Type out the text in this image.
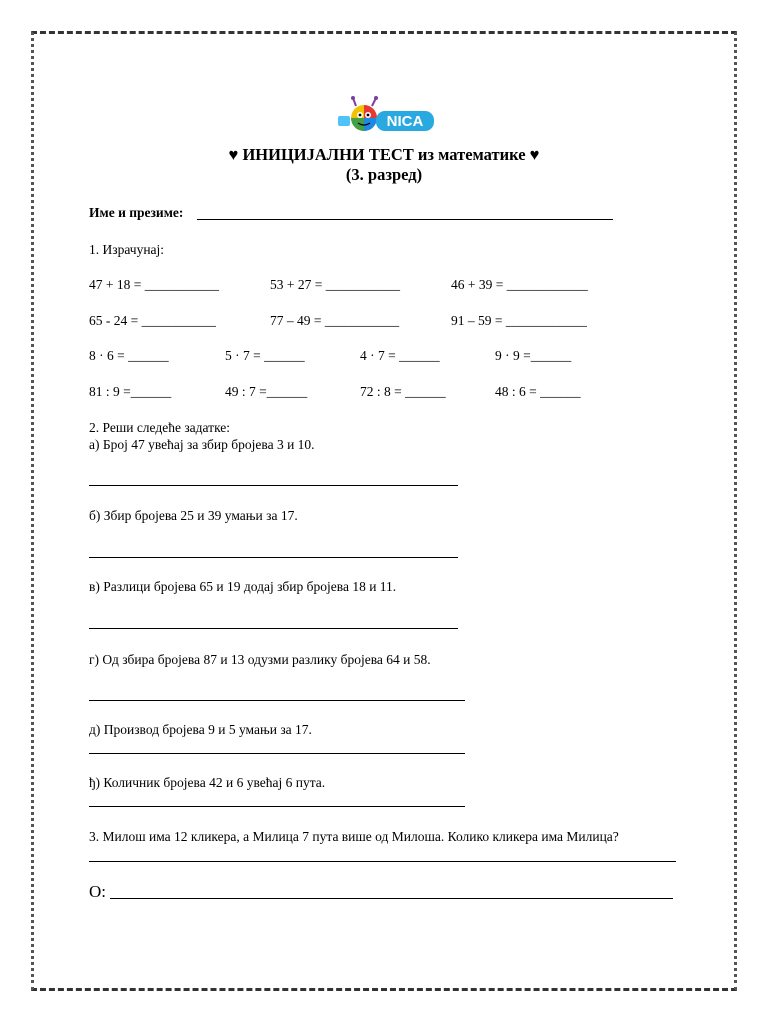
NICA
♥ ИНИЦИЈАЛНИ ТЕСТ из математике ♥
(3. разред)
Име и презиме:
1. Израчунај:
47 + 18 = ___________	53 + 27 = ___________	46 + 39 = ____________
65 - 24 = ___________	77 – 49 = ___________	91 – 59 = ____________
8 · 6 = ______	5 · 7 = ______	4 · 7 = ______	9 · 9 =______
81 : 9 =______	49 : 7 =______	72 : 8 = ______	48 : 6 = ______
2. Реши следеће задатке:
а) Број 47 увећај за збир бројева 3 и 10.
б) Збир бројева 25 и 39 умањи за 17.
в) Разлици бројева 65 и 19 додај збир бројева 18 и 11.
г) Од збира бројева 87 и 13 одузми разлику бројева 64 и 58.
д) Производ бројева 9 и 5 умањи за 17.
ђ) Количник бројева 42 и 6 увећај 6 пута.
3. Милош има 12 кликера, а Милица 7 пута више од Милоша. Колико кликера има Милица?
О:
